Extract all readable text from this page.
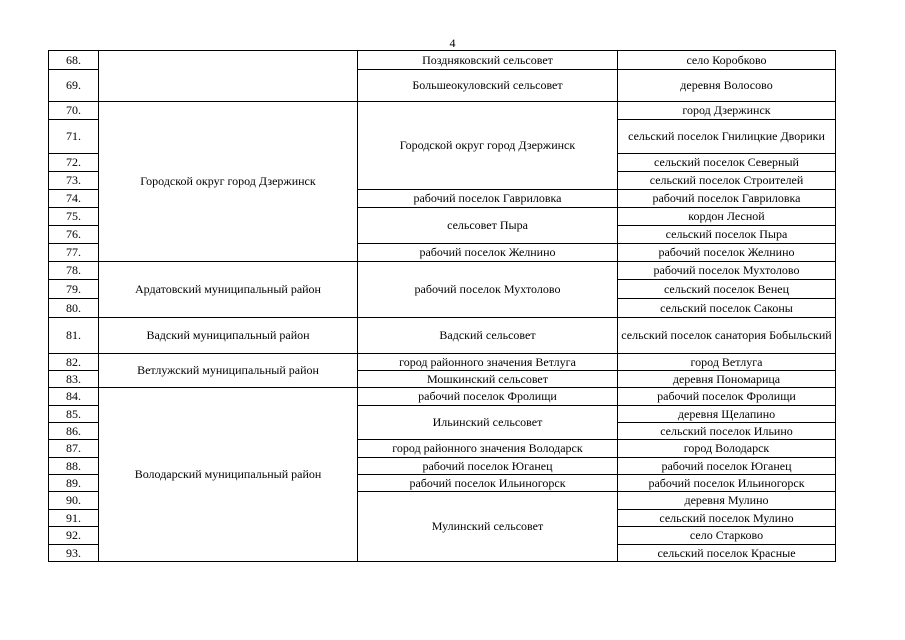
4
68.		Поздняковский сельсовет	село Коробково
69.		Большеокуловский сельсовет	деревня Волосово
70.	Городской округ город Дзержинск	Городской округ город Дзержинск	город Дзержинск
71.			сельский поселок Гнилицкие Дворики
72.			сельский поселок Северный
73.			сельский поселок Строителей
74.		рабочий поселок Гавриловка	рабочий поселок Гавриловка
75.		сельсовет Пыра	кордон Лесной
76.			сельский поселок Пыра
77.		рабочий поселок Желнино	рабочий поселок Желнино
78.	Ардатовский муниципальный район	рабочий поселок Мухтолово	рабочий поселок Мухтолово
79.			сельский поселок Венец
80.			сельский поселок Саконы
81.	Вадский муниципальный район	Вадский сельсовет	сельский поселок санатория Бобыльский
82.	Ветлужский муниципальный район	город районного значения Ветлуга	город Ветлуга
83.		Мошкинский сельсовет	деревня Пономарица
84.	Володарский муниципальный район	рабочий поселок Фролищи	рабочий поселок Фролищи
85.		Ильинский сельсовет	деревня Щелапино
86.			сельский поселок Ильино
87.		город районного значения Володарск	город Володарск
88.		рабочий поселок Юганец	рабочий поселок Юганец
89.		рабочий поселок Ильиногорск	рабочий поселок Ильиногорск
90.		Мулинский сельсовет	деревня Мулино
91.			сельский поселок Мулино
92.			село Старково
93.			сельский поселок Красные
